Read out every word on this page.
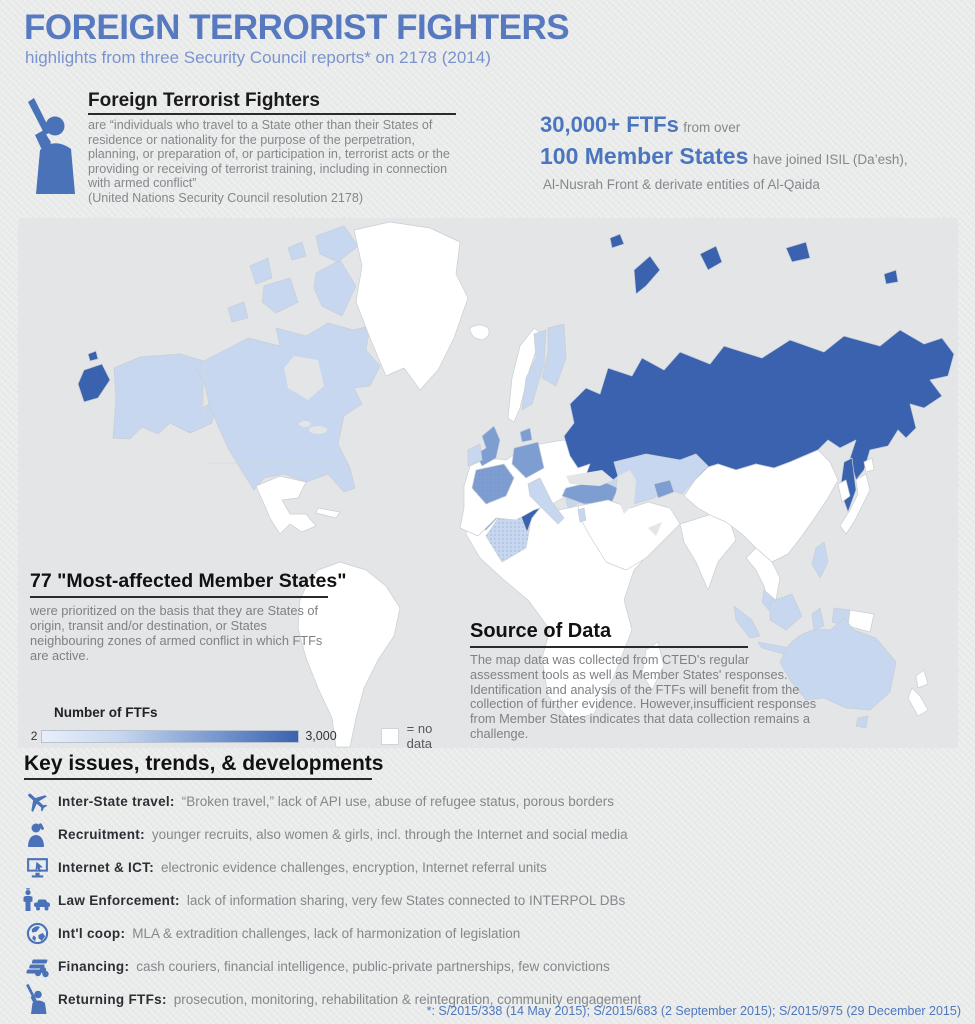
FOREIGN TERRORIST FIGHTERS
highlights from three Security Council reports* on 2178 (2014)
Foreign Terrorist Fighters
are “individuals who travel to a State other than their States of residence or nationality for the purpose of the perpetration, planning, or preparation of, or participation in, terrorist acts or the providing or receiving of terrorist training, including in connection with armed conflict”
(United Nations Security Council resolution 2178)
30,000+ FTFs from over
100 Member States have joined ISIL (Da’esh),
Al-Nusrah Front & derivate entities of Al-Qaida
77 "Most-affected Member States"
were prioritized on the basis that they are States of origin, transit and/or destination, or States neighbouring zones of armed conflict in which FTFs are active.
Number of FTFs
2	3,000	= no data
Source of Data
The map data was collected from CTED's regular assessment tools as well as Member States' responses. Identification and analysis of the FTFs will benefit from the collection of further evidence. However,insufficient responses from Member States indicates that data collection remains a challenge.
Key issues, trends, & developments
Inter-State travel: “Broken travel,” lack of API use, abuse of refugee status, porous borders
Recruitment: younger recruits, also women & girls, incl. through the Internet and social media
Internet & ICT: electronic evidence challenges, encryption, Internet referral units
Law Enforcement: lack of information sharing, very few States connected to INTERPOL DBs
Int'l coop: MLA & extradition challenges, lack of harmonization of legislation
Financing: cash couriers, financial intelligence, public-private partnerships, few convictions
Returning FTFs: prosecution, monitoring, rehabilitation & reintegration, community engagement
*: S/2015/338 (14 May 2015); S/2015/683 (2 September 2015); S/2015/975 (29 December 2015)
